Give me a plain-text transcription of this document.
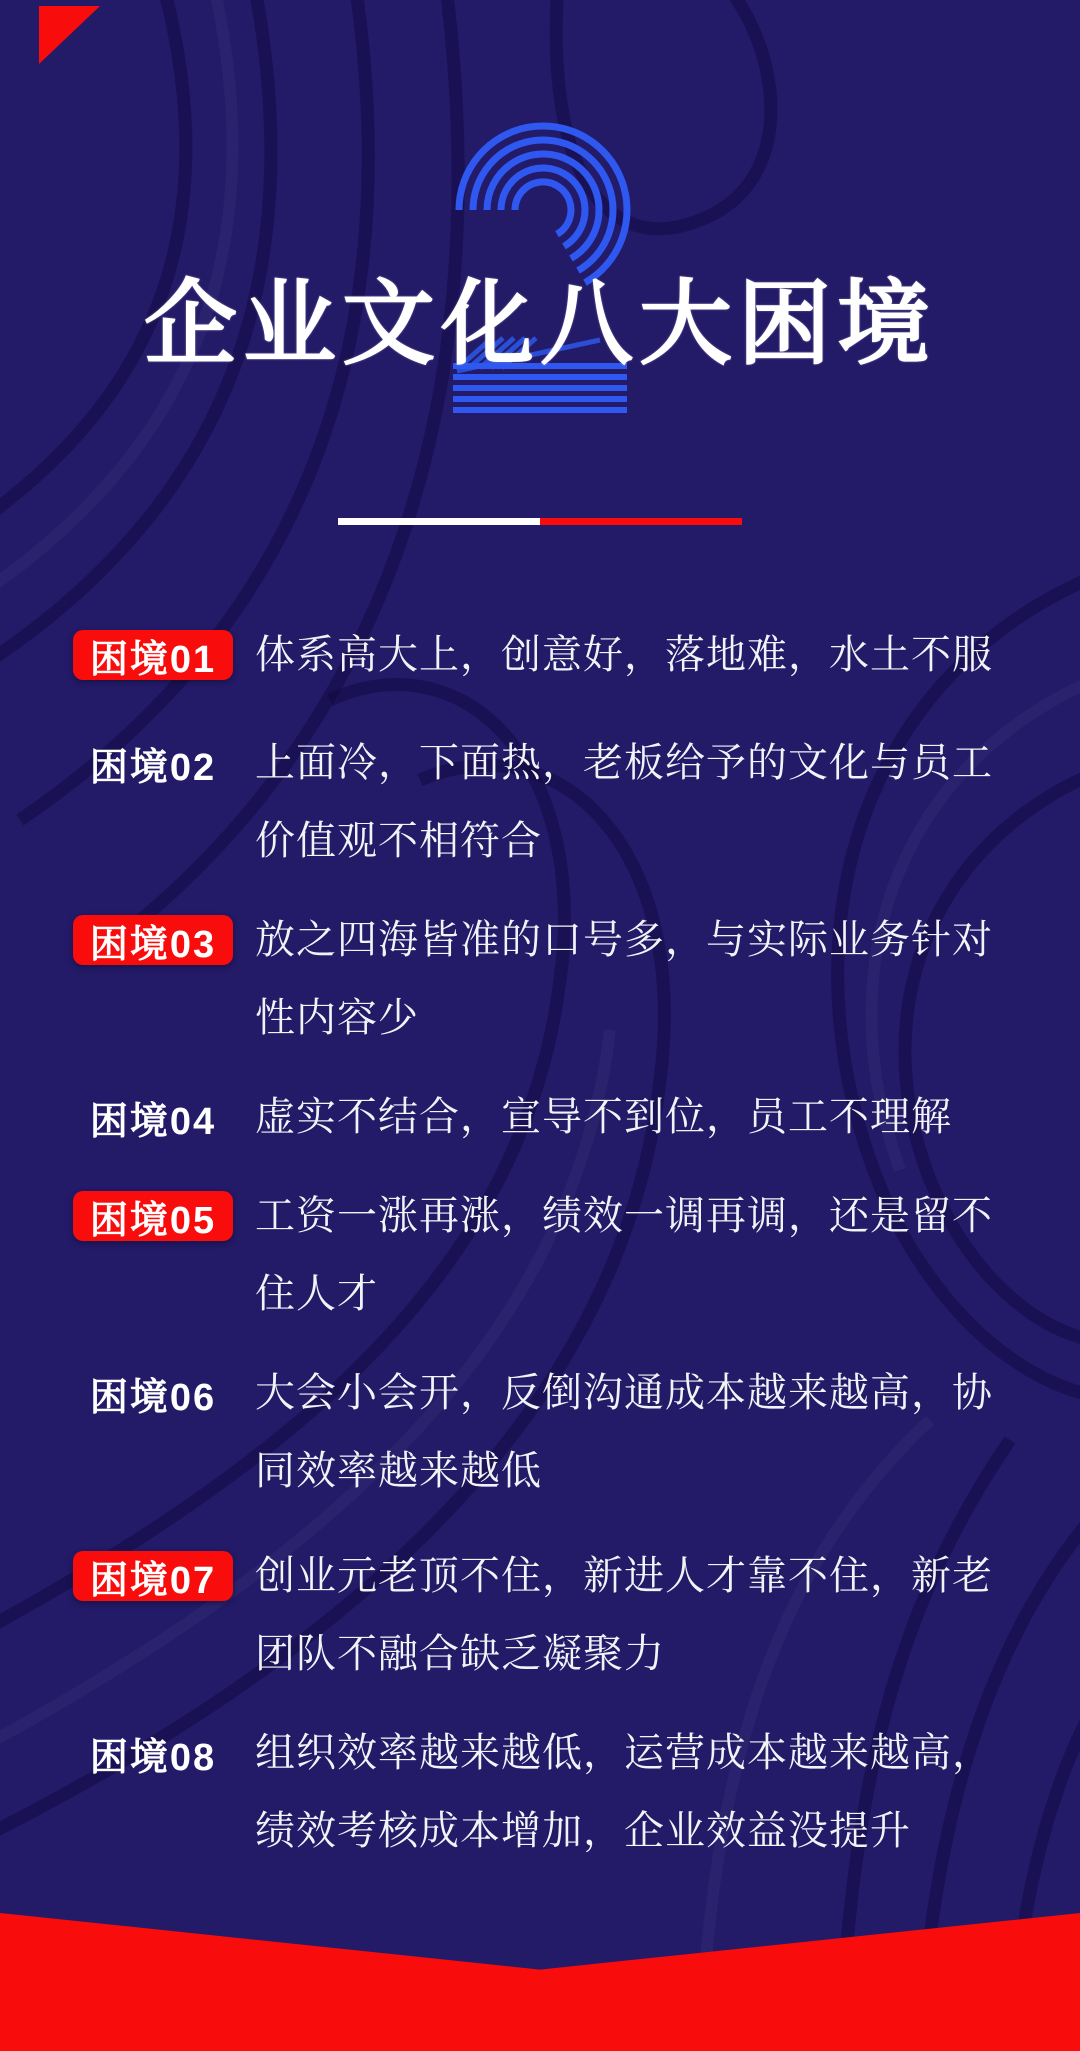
企业文化八大困境
困境01 体系高大上，创意好，落地难，水土不服
困境02 上面冷，下面热，老板给予的文化与员工价值观不相符合
困境03 放之四海皆准的口号多，与实际业务针对性内容少
困境04 虚实不结合，宣导不到位，员工不理解
困境05 工资一涨再涨，绩效一调再调，还是留不住人才
困境06 大会小会开，反倒沟通成本越来越高，协同效率越来越低
困境07 创业元老顶不住，新进人才靠不住，新老团队不融合缺乏凝聚力
困境08 组织效率越来越低，运营成本越来越高，绩效考核成本增加，企业效益没提升
